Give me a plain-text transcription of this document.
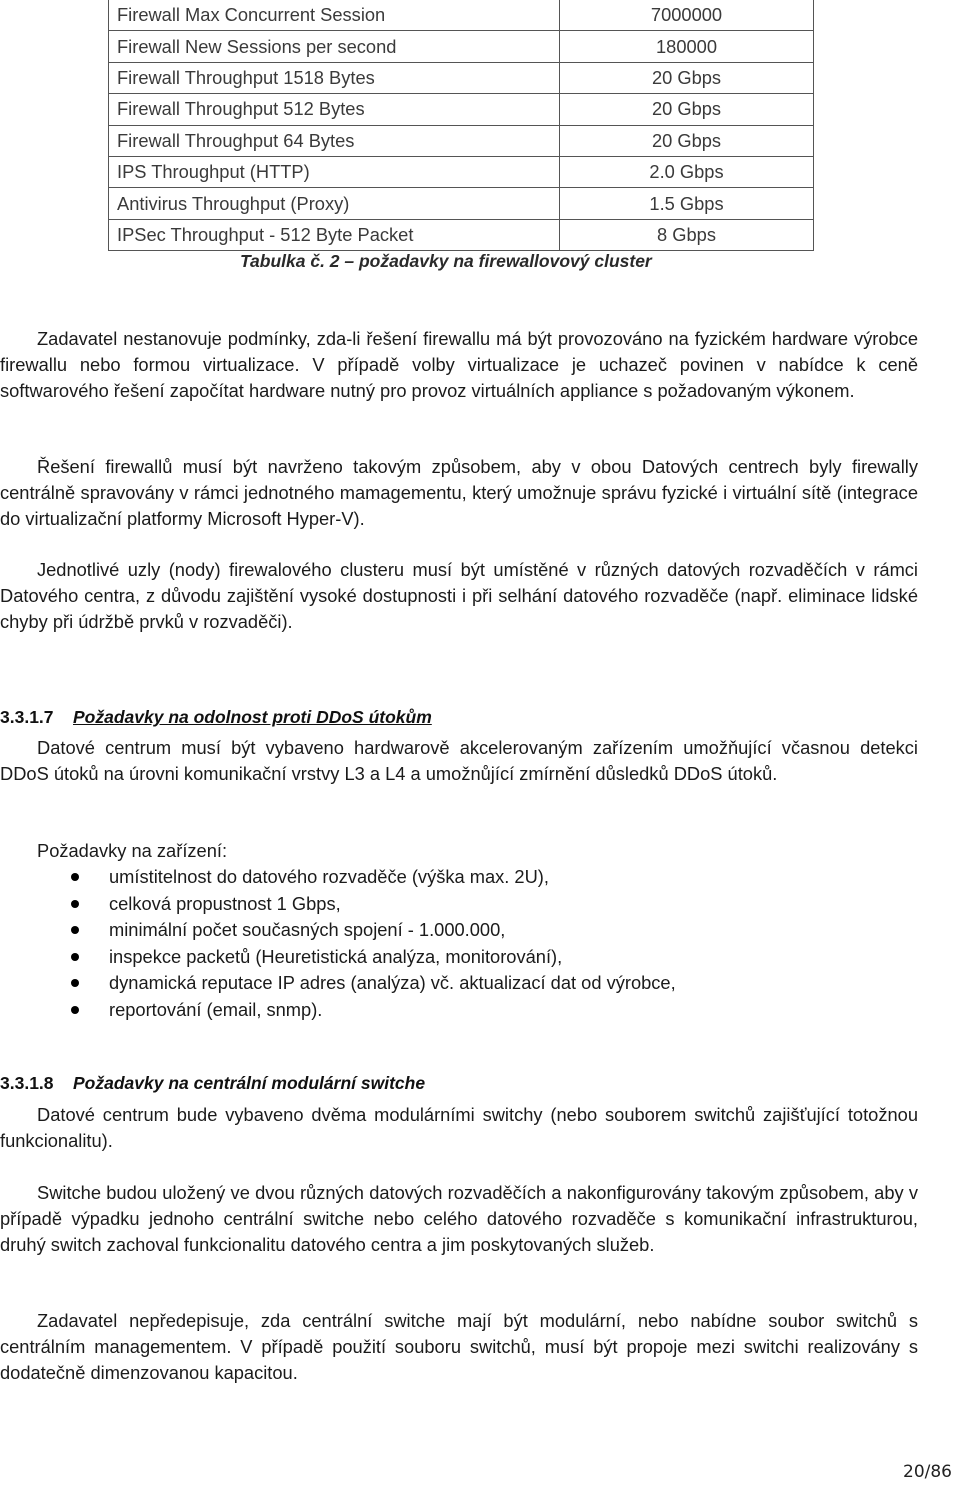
Firewall Max Concurrent Session	7000000
Firewall New Sessions per second	180000
Firewall Throughput 1518 Bytes	20 Gbps
Firewall Throughput 512 Bytes	20 Gbps
Firewall Throughput 64 Bytes	20 Gbps
IPS Throughput (HTTP)	2.0 Gbps
Antivirus Throughput (Proxy)	1.5 Gbps
IPSec Throughput - 512 Byte Packet	8 Gbps
Tabulka č. 2 – požadavky na firewallovový cluster
Zadavatel nestanovuje podmínky, zda-li řešení firewallu má být provozováno na fyzickém hardware výrobce firewallu nebo formou virtualizace. V případě volby virtualizace je uchazeč povinen v nabídce k ceně softwarového řešení započítat hardware nutný pro provoz virtuálních appliance s požadovaným výkonem.
Řešení firewallů musí být navrženo takovým způsobem, aby v obou Datových centrech byly firewally centrálně spravovány v rámci jednotného mamagementu, který umožnuje správu fyzické i virtuální sítě (integrace do virtualizační platformy Microsoft Hyper-V).
Jednotlivé uzly (nody) firewalového clusteru musí být umístěné v různých datových rozvaděčích v rámci Datového centra, z důvodu zajištění vysoké dostupnosti i při selhání datového rozvaděče (např. eliminace lidské chyby při údržbě prvků v rozvaděči).
3.3.1.7 Požadavky na odolnost proti DDoS útokům
Datové centrum musí být vybaveno hardwarově akcelerovaným zařízením umožňující včasnou detekci DDoS útoků na úrovni komunikační vrstvy L3 a L4 a umožnůjící zmírnění důsledků DDoS útoků.
Požadavky na zařízení:
umístitelnost do datového rozvaděče (výška max. 2U),
celková propustnost 1 Gbps,
minimální počet současných spojení - 1.000.000,
inspekce packetů (Heuretistická analýza, monitorování),
dynamická reputace IP adres (analýza) vč. aktualizací dat od výrobce,
reportování (email, snmp).
3.3.1.8 Požadavky na centrální modulární switche
Datové centrum bude vybaveno dvěma modulárními switchy (nebo souborem switchů zajišťující totožnou funkcionalitu).
Switche budou uložený ve dvou různých datových rozvaděčích a nakonfigurovány takovým způsobem, aby v případě výpadku jednoho centrální switche nebo celého datového rozvaděče s komunikační infrastrukturou, druhý switch zachoval funkcionalitu datového centra a jim poskytovaných služeb.
Zadavatel nepředepisuje, zda centrální switche mají být modulární, nebo nabídne soubor switchů s centrálním managementem. V případě použití souboru switchů, musí být propoje mezi switchi realizovány s dodatečně dimenzovanou kapacitou.
20/86
